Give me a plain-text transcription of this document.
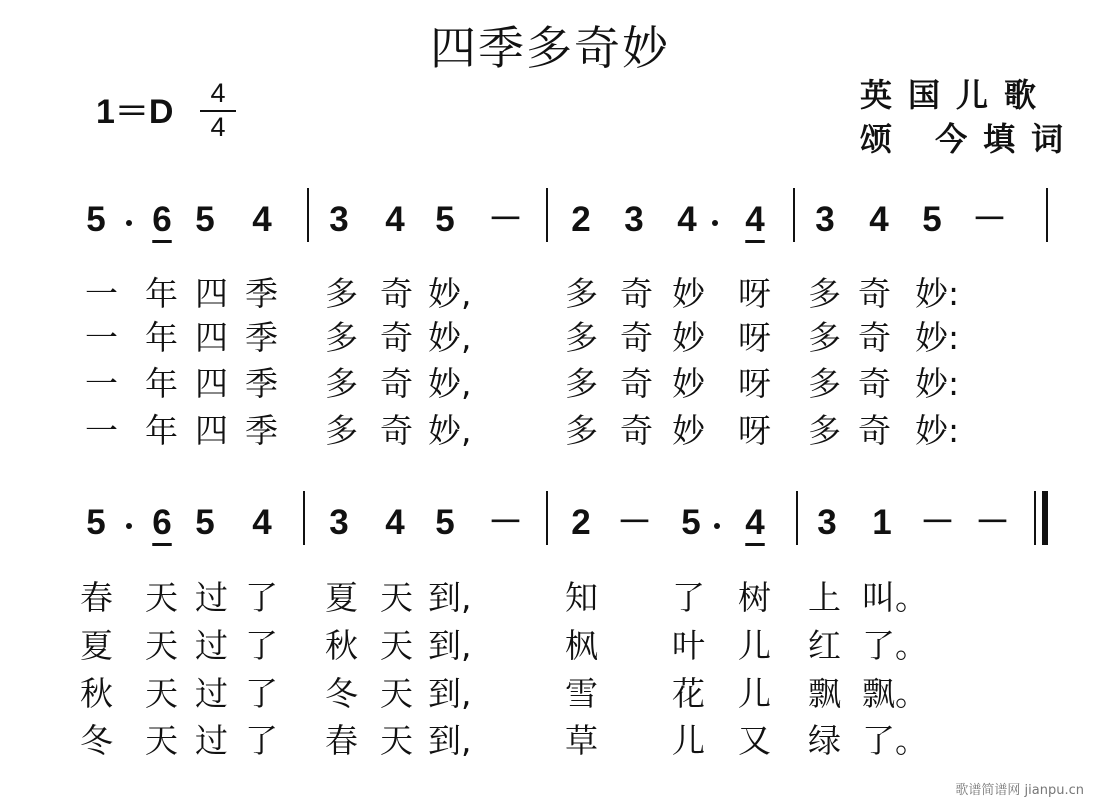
四季多奇妙
1＝D	4
4
英国儿歌
颂 今填词
5 6 5 4 3 4 5 － 2 3 4 4 3 4 5 －
一 年 四 季 多 奇 妙,	多 奇 妙 呀 多 奇 妙:
一 年 四 季 多 奇 妙,	多 奇 妙 呀 多 奇 妙:
一 年 四 季 多 奇 妙,	多 奇 妙 呀 多 奇 妙:
一 年 四 季 多 奇 妙,	多 奇 妙 呀 多 奇 妙:
5 6 5 4 3 4 5 － 2 － 5 4 3 1 － －
春 天 过 了 夏 天 到,	知 了 树 上 叫。
夏 天 过 了 秋 天 到,	枫 叶 儿 红 了。
秋 天 过 了 冬 天 到,	雪 花 儿 飘 飘。
冬 天 过 了 春 天 到,	草 儿 又 绿 了。
歌谱简谱网 jianpu.cn
